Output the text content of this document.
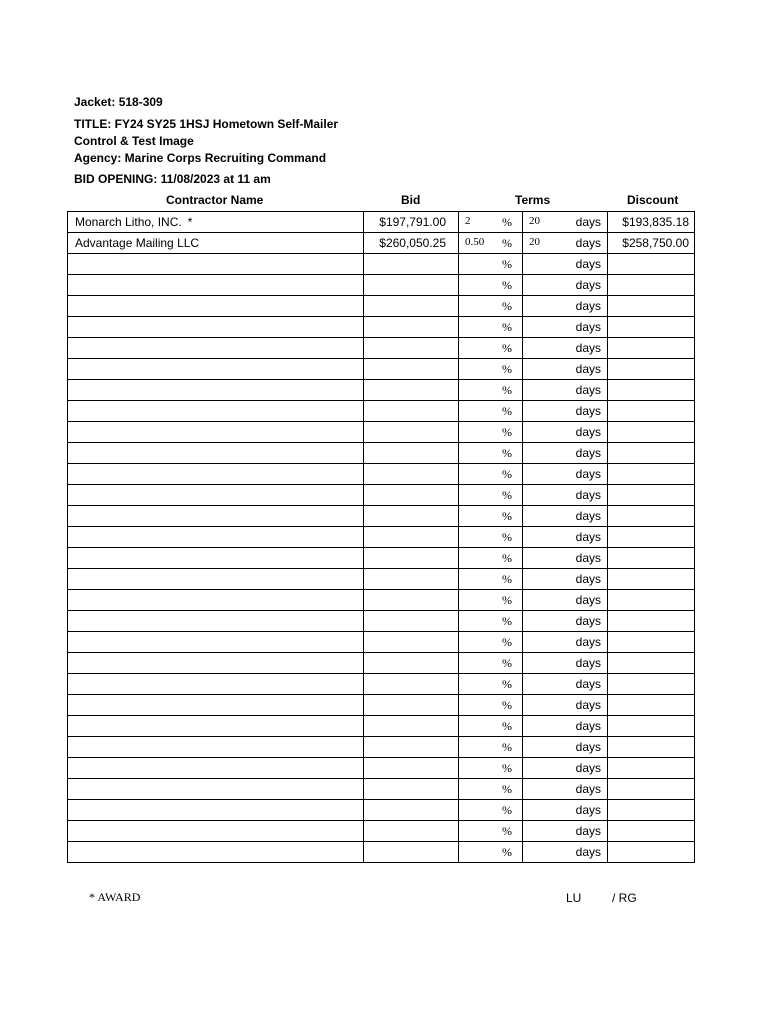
Jacket: 518-309
TITLE: FY24 SY25 1HSJ Hometown Self-Mailer
Control & Test Image
Agency: Marine Corps Recruiting Command
BID OPENING: 11/08/2023 at 11 am
Contractor Name	Bid	Terms	Discount
Monarch Litho, INC. *	$197,791.00	2 %	20 days	$193,835.18
Advantage Mailing LLC	$260,050.25	0.50 %	20 days	$258,750.00

		%	days	

		%	days	

		%	days	

		%	days	

		%	days	

		%	days	

		%	days	

		%	days	

		%	days	

		%	days	

		%	days	

		%	days	

		%	days	

		%	days	

		%	days	

		%	days	

		%	days	

		%	days	

		%	days	

		%	days	

		%	days	

		%	days	

		%	days	

		%	days	

		%	days	

		%	days	

		%	days	

		%	days	

		%	days	

* AWARD	LU	/ RG
